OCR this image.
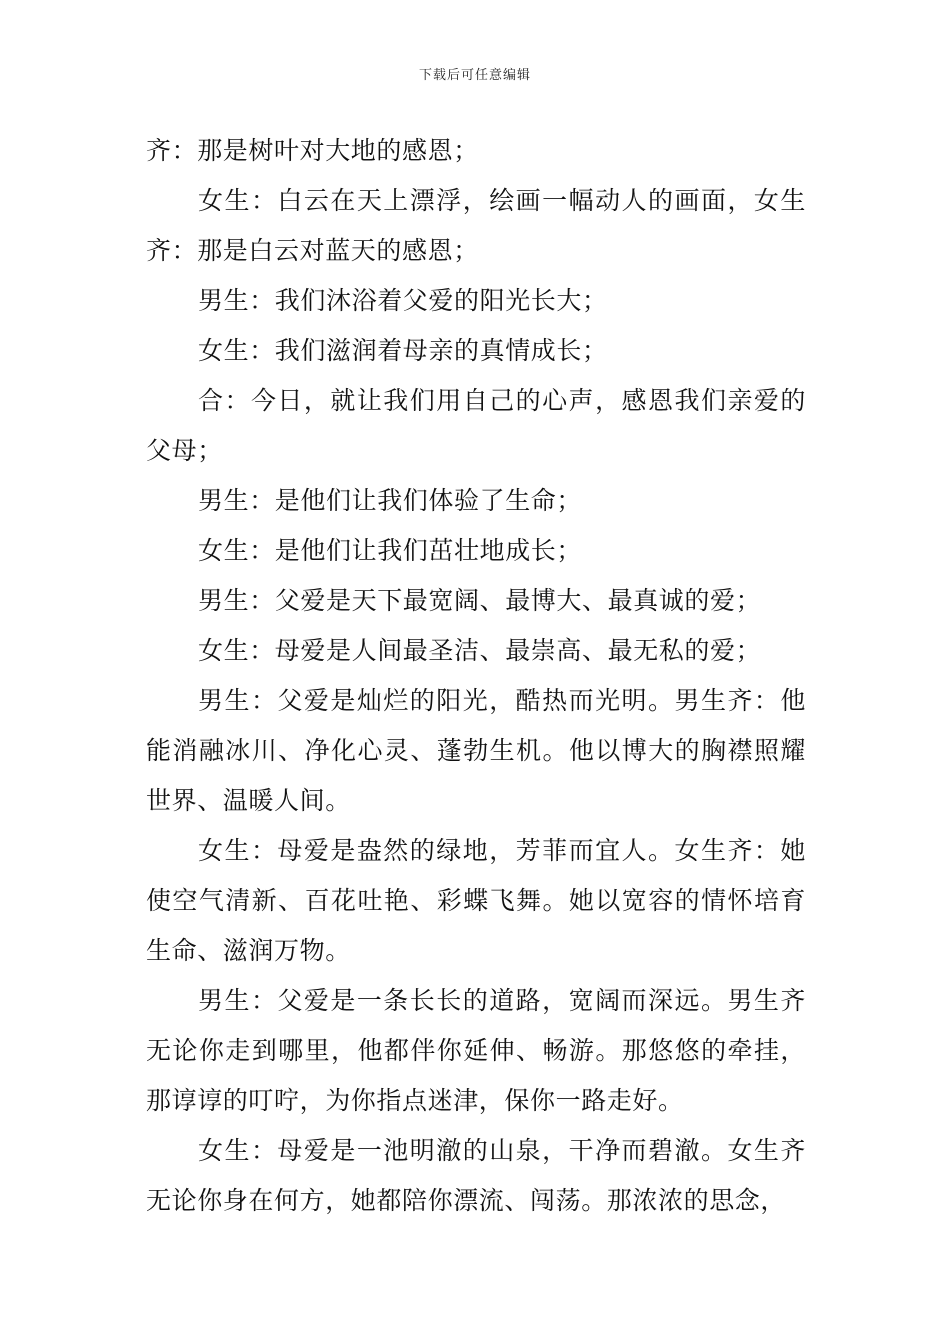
下载后可任意编辑

齐：那是树叶对大地的感恩；

女生：白云在天上漂浮，绘画一幅动人的画面，女生齐：那是白云对蓝天的感恩；

男生：我们沐浴着父爱的阳光长大；

女生：我们滋润着母亲的真情成长；

合：今日，就让我们用自己的心声，感恩我们亲爱的父母；

男生：是他们让我们体验了生命；

女生：是他们让我们茁壮地成长；

男生：父爱是天下最宽阔、最博大、最真诚的爱；

女生：母爱是人间最圣洁、最崇高、最无私的爱；

男生：父爱是灿烂的阳光，酷热而光明。男生齐：他能消融冰川、净化心灵、蓬勃生机。他以博大的胸襟照耀世界、温暖人间。

女生：母爱是盎然的绿地，芳菲而宜人。女生齐：她使空气清新、百花吐艳、彩蝶飞舞。她以宽容的情怀培育生命、滋润万物。

男生：父爱是一条长长的道路，宽阔而深远。男生齐无论你走到哪里，他都伴你延伸、畅游。那悠悠的牵挂，那谆谆的叮咛，为你指点迷津，保你一路走好。

女生：母爱是一池明澈的山泉，干净而碧澈。女生齐无论你身在何方，她都陪你漂流、闯荡。那浓浓的思念，
